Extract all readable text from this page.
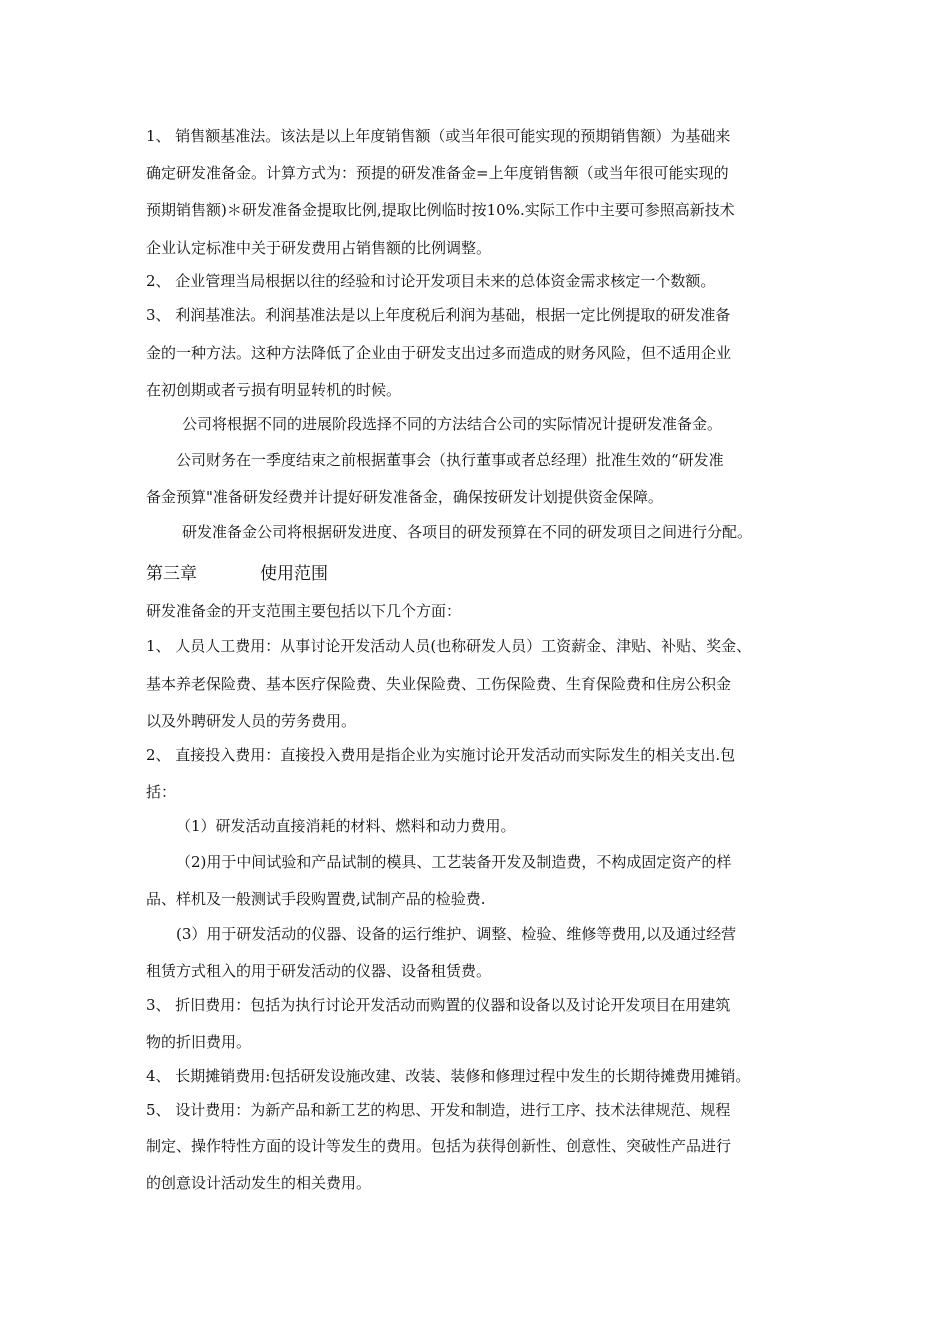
1、 销售额基准法。该法是以上年度销售额（或当年很可能实现的预期销售额）为基础来
确定研发准备金。计算方式为：预提的研发准备金=上年度销售额（或当年很可能实现的
预期销售额)＊研发准备金提取比例,提取比例临时按10%.实际工作中主要可参照高新技术
企业认定标准中关于研发费用占销售额的比例调整。
2、 企业管理当局根据以往的经验和讨论开发项目未来的总体资金需求核定一个数额。
3、 利润基准法。利润基准法是以上年度税后利润为基础，根据一定比例提取的研发准备
金的一种方法。这种方法降低了企业由于研发支出过多而造成的财务风险，但不适用企业
在初创期或者亏损有明显转机的时候。
公司将根据不同的进展阶段选择不同的方法结合公司的实际情况计提研发准备金。
公司财务在一季度结束之前根据董事会（执行董事或者总经理）批准生效的“研发准
备金预算"准备研发经费并计提好研发准备金，确保按研发计划提供资金保障。
研发准备金公司将根据研发进度、各项目的研发预算在不同的研发项目之间进行分配。
第三章	使用范围
研发准备金的开支范围主要包括以下几个方面：
1、 人员人工费用：从事讨论开发活动人员(也称研发人员）工资薪金、津贴、补贴、奖金、
基本养老保险费、基本医疗保险费、失业保险费、工伤保险费、生育保险费和住房公积金
以及外聘研发人员的劳务费用。
2、 直接投入费用：直接投入费用是指企业为实施讨论开发活动而实际发生的相关支出.包
括：
（1）研发活动直接消耗的材料、燃料和动力费用。
（2)用于中间试验和产品试制的模具、工艺装备开发及制造费，不构成固定资产的样
品、样机及一般测试手段购置费,试制产品的检验费.
(3）用于研发活动的仪器、设备的运行维护、调整、检验、维修等费用,以及通过经营
租赁方式租入的用于研发活动的仪器、设备租赁费。
3、 折旧费用：包括为执行讨论开发活动而购置的仪器和设备以及讨论开发项目在用建筑
物的折旧费用。
4、 长期摊销费用:包括研发设施改建、改装、装修和修理过程中发生的长期待摊费用摊销。
5、 设计费用：为新产品和新工艺的构思、开发和制造，进行工序、技术法律规范、规程
制定、操作特性方面的设计等发生的费用。包括为获得创新性、创意性、突破性产品进行
的创意设计活动发生的相关费用。
